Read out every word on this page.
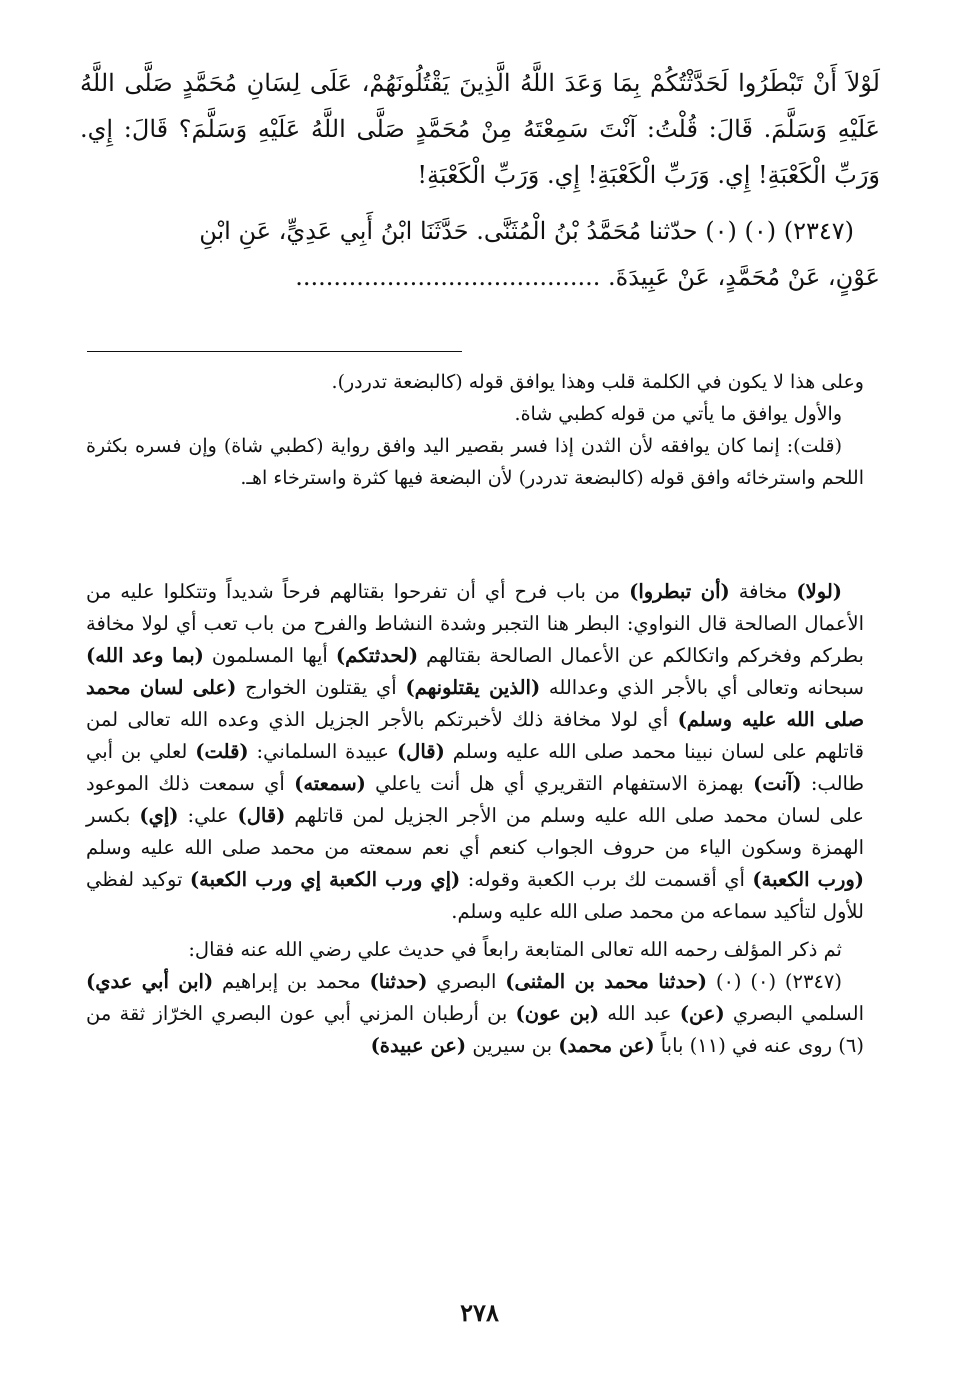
لَوْلاَ أَنْ تَبْطَرُوا لَحَدَّثْتُكُمْ بِمَا وَعَدَ اللَّهُ الَّذِينَ يَقْتُلُونَهُمْ، عَلَى لِسَانِ مُحَمَّدٍ صَلَّى اللَّهُ عَلَيْهِ وَسَلَّمَ. قَالَ: قُلْتُ: آنْتَ سَمِعْتَهُ مِنْ مُحَمَّدٍ صَلَّى اللَّهُ عَلَيْهِ وَسَلَّمَ؟ قَالَ: إِي. وَرَبِّ الْكَعْبَةِ! إِي. وَرَبِّ الْكَعْبَةِ! إِي. وَرَبِّ الْكَعْبَةِ!

(٢٣٤٧) (٠) (٠) حدّثنا مُحَمَّدُ بْنُ الْمُثَنَّى. حَدَّثَنَا ابْنُ أَبِي عَدِيٍّ، عَنِ ابْنِ
عَوْنٍ، عَنْ مُحَمَّدٍ، عَنْ عَبِيدَةَ. ........................................

وعلى هذا لا يكون في الكلمة قلب وهذا يوافق قوله (كالبضعة تدردر).

والأول يوافق ما يأتي من قوله كطبي شاة.

(قلت): إنما كان يوافقه لأن الثدن إذا فسر بقصير اليد وافق رواية (كطبي شاة) وإن فسره بكثرة اللحم واسترخائه وافق قوله (كالبضعة تدردر) لأن البضعة فيها كثرة واسترخاء اهـ.

(لولا) مخافة (أن تبطروا) من باب فرح أي أن تفرحوا بقتالهم فرحاً شديداً وتتكلوا عليه من الأعمال الصالحة قال النواوي: البطر هنا التجبر وشدة النشاط والفرح من باب تعب أي لولا مخافة بطركم وفخركم واتكالكم عن الأعمال الصالحة بقتالهم (لحدثتكم) أيها المسلمون (بما وعد الله) سبحانه وتعالى أي بالأجر الذي وعدالله (الذين يقتلونهم) أي يقتلون الخوارج (على لسان محمد صلى الله عليه وسلم) أي لولا مخافة ذلك لأخبرتكم بالأجر الجزيل الذي وعده الله تعالى لمن قاتلهم على لسان نبينا محمد صلى الله عليه وسلم (قال) عبيدة السلماني: (قلت) لعلي بن أبي طالب: (آنت) بهمزة الاستفهام التقريري أي هل أنت ياعلي (سمعته) أي سمعت ذلك الموعود على لسان محمد صلى الله عليه وسلم من الأجر الجزيل لمن قاتلهم (قال) علي: (إي) بكسر الهمزة وسكون الياء من حروف الجواب كنعم أي نعم سمعته من محمد صلى الله عليه وسلم (ورب الكعبة) أي أقسمت لك برب الكعبة وقوله: (إي ورب الكعبة إي ورب الكعبة) توكيد لفظي للأول لتأكيد سماعه من محمد صلى الله عليه وسلم.

ثم ذكر المؤلف رحمه الله تعالى المتابعة رابعاً في حديث علي رضي الله عنه فقال:

(٢٣٤٧) (٠) (٠) (حدثنا محمد بن المثنى) البصري (حدثنا) محمد بن إبراهيم (ابن أبي عدي) السلمي البصري (عن) عبد الله (بن عون) بن أرطبان المزني أبي عون البصري الخرّاز ثقة من (٦) روى عنه في (١١) باباً (عن محمد) بن سيرين (عن عبيدة)

٢٧٨
